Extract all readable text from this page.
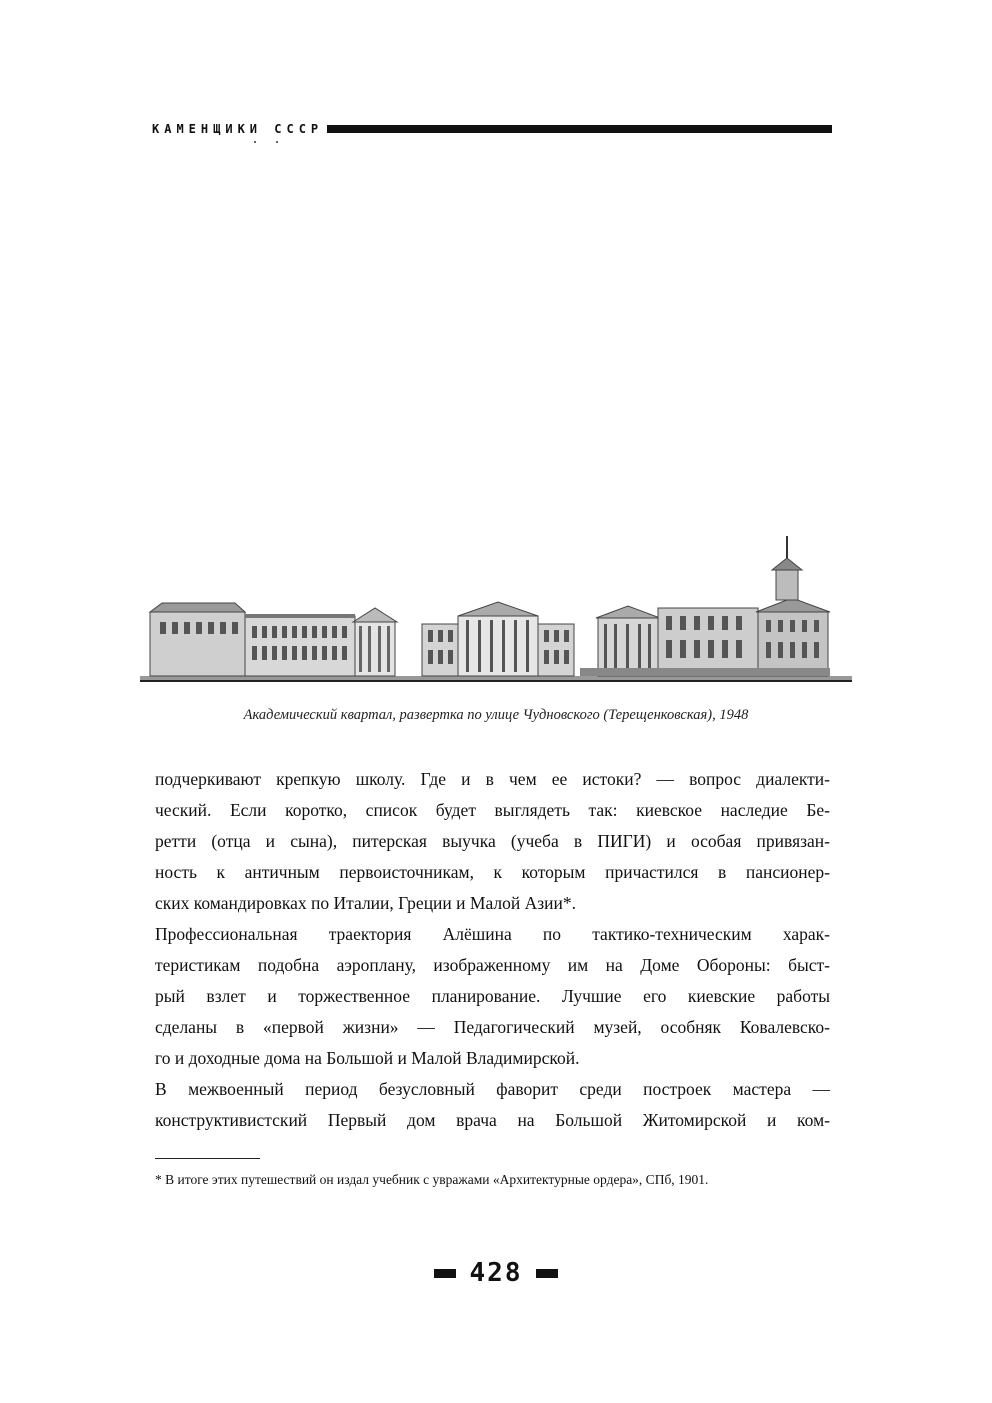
КАМЕНЩИКИ СССР
Академический квартал, развертка по улице Чудновского (Терещенковская), 1948
подчеркивают крепкую школу. Где и в чем ее истоки? — вопрос диалекти-
ческий. Если коротко, список будет выглядеть так: киевское наследие Бе-
ретти (отца и сына), питерская выучка (учеба в ПИГИ) и особая привязан-
ность к античным первоисточникам, к которым причастился в пансионер-
ских командировках по Италии, Греции и Малой Азии*.
Профессиональная траектория Алёшина по тактико-техническим харак-
теристикам подобна аэроплану, изображенному им на Доме Обороны: быст-
рый взлет и торжественное планирование. Лучшие его киевские работы
сделаны в «первой жизни» — Педагогический музей, особняк Ковалевско-
го и доходные дома на Большой и Малой Владимирской.
В межвоенный период безусловный фаворит среди построек мастера —
конструктивистский Первый дом врача на Большой Житомирской и ком-
* В итоге этих путешествий он издал учебник с увражами «Архитектурные ордера», СПб, 1901.
428
